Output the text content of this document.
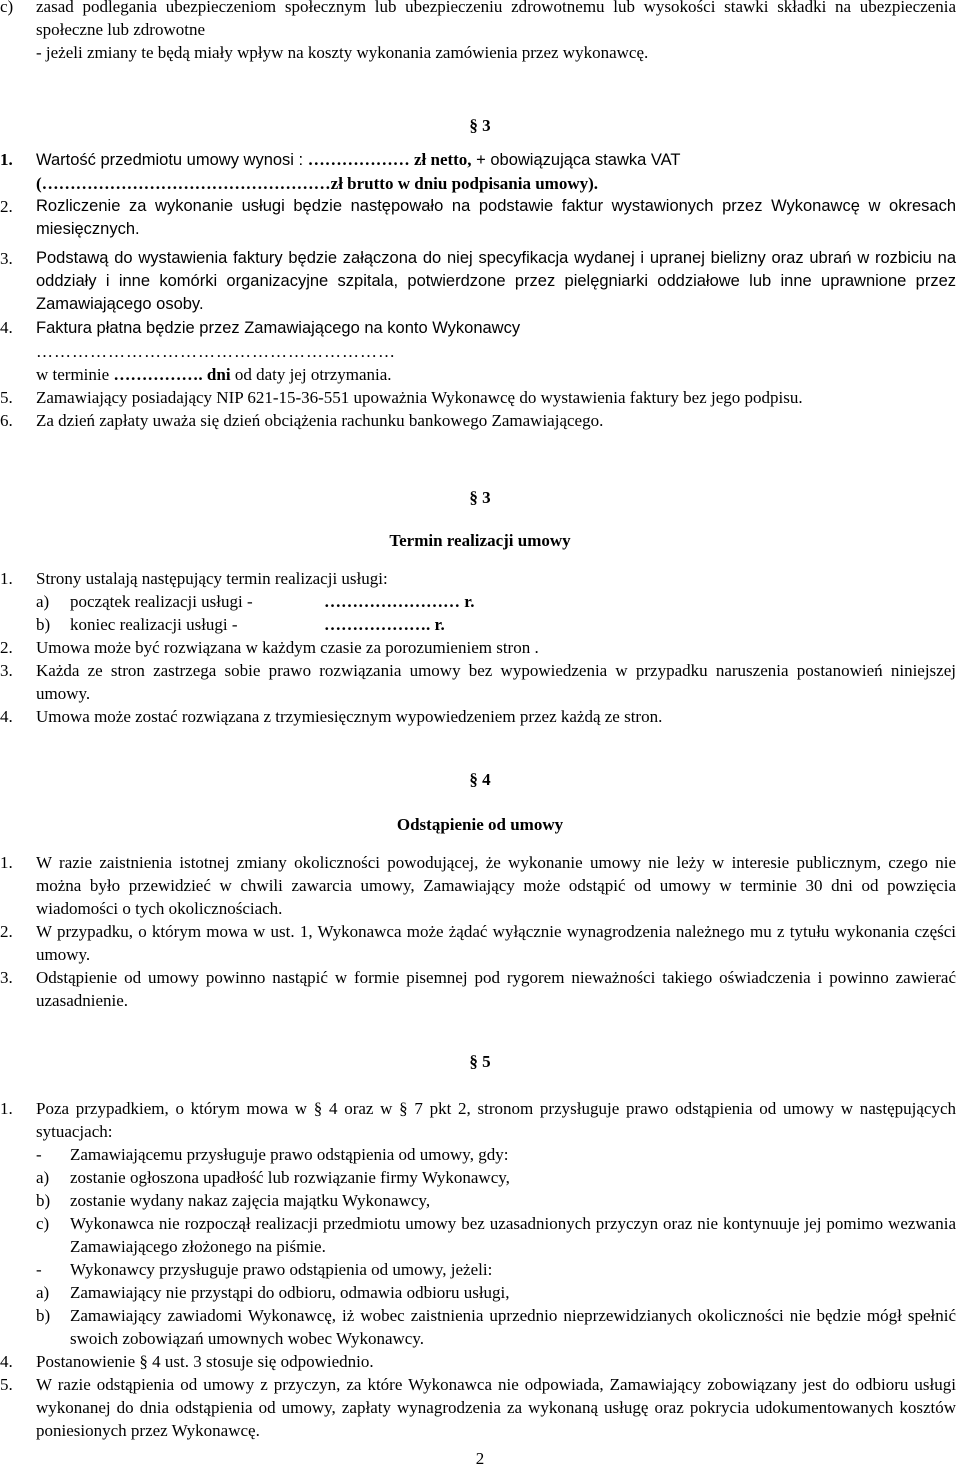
c)	zasad podlegania ubezpieczeniom społecznym lub ubezpieczeniu zdrowotnemu lub wysokości stawki składki na ubezpieczenia społeczne lub zdrowotne

- jeżeli zmiany te będą miały wpływ na koszty wykonania zamówienia przez wykonawcę.

§ 3

1.	Wartość przedmiotu umowy wynosi : ……………… zł netto, + obowiązująca stawka VAT
(……………………………………………zł brutto w dniu podpisania umowy).
2.	Rozliczenie za wykonanie usługi będzie następowało na podstawie faktur wystawionych przez Wykonawcę w okresach miesięcznych.
3.	Podstawą do wystawienia faktury będzie załączona do niej specyfikacja wydanej i upranej bielizny oraz ubrań w rozbiciu na oddziały i inne komórki organizacyjne szpitala, potwierdzone przez pielęgniarki oddziałowe lub inne uprawnione przez Zamawiającego osoby.
4.	Faktura płatna będzie przez Zamawiającego na konto Wykonawcy
……………………………………………………
w terminie ……………. dni od daty jej otrzymania.
5.	Zamawiający posiadający NIP 621-15-36-551 upoważnia Wykonawcę do wystawienia faktury bez jego podpisu.
6.	Za dzień zapłaty uważa się dzień obciążenia rachunku bankowego Zamawiającego.

§ 3

Termin realizacji umowy

1.	Strony ustalają następujący termin realizacji usługi:
a)	początek realizacji usługi -	…………………… r.
b)	koniec realizacji usługi -	………………. r.
2.	Umowa może być rozwiązana w każdym czasie za porozumieniem stron .
3.	Każda ze stron zastrzega sobie prawo rozwiązania umowy bez wypowiedzenia w przypadku naruszenia postanowień niniejszej umowy.
4.	Umowa może zostać rozwiązana z trzymiesięcznym wypowiedzeniem przez każdą ze stron.

§ 4

Odstąpienie od umowy

1.	W razie zaistnienia istotnej zmiany okoliczności powodującej, że wykonanie umowy nie leży w interesie publicznym, czego nie można było przewidzieć w chwili zawarcia umowy, Zamawiający może odstąpić od umowy w terminie 30 dni od powzięcia wiadomości o tych okolicznościach.
2.	W przypadku, o którym mowa w ust. 1, Wykonawca może żądać wyłącznie wynagrodzenia należnego mu z tytułu wykonania części umowy.
3.	Odstąpienie od umowy powinno nastąpić w formie pisemnej pod rygorem nieważności takiego oświadczenia i powinno zawierać uzasadnienie.

§ 5

1.	Poza przypadkiem, o którym mowa w § 4 oraz w § 7 pkt 2, stronom przysługuje prawo odstąpienia od umowy w następujących sytuacjach:
-	Zamawiającemu przysługuje prawo odstąpienia od umowy, gdy:
a)	zostanie ogłoszona upadłość lub rozwiązanie firmy Wykonawcy,
b)	zostanie wydany nakaz zajęcia majątku Wykonawcy,
c)	Wykonawca nie rozpoczął realizacji przedmiotu umowy bez uzasadnionych przyczyn oraz nie kontynuuje jej pomimo wezwania Zamawiającego złożonego na piśmie.
-	Wykonawcy przysługuje prawo odstąpienia od umowy, jeżeli:
a)	Zamawiający nie przystąpi do odbioru, odmawia odbioru usługi,
b)	Zamawiający zawiadomi Wykonawcę, iż wobec zaistnienia uprzednio nieprzewidzianych okoliczności nie będzie mógł spełnić swoich zobowiązań umownych wobec Wykonawcy.
4.	Postanowienie § 4 ust. 3 stosuje się odpowiednio.
5.	W razie odstąpienia od umowy z przyczyn, za które Wykonawca nie odpowiada, Zamawiający zobowiązany jest do odbioru usługi wykonanej do dnia odstąpienia od umowy, zapłaty wynagrodzenia za wykonaną usługę oraz pokrycia udokumentowanych kosztów poniesionych przez Wykonawcę.
2
